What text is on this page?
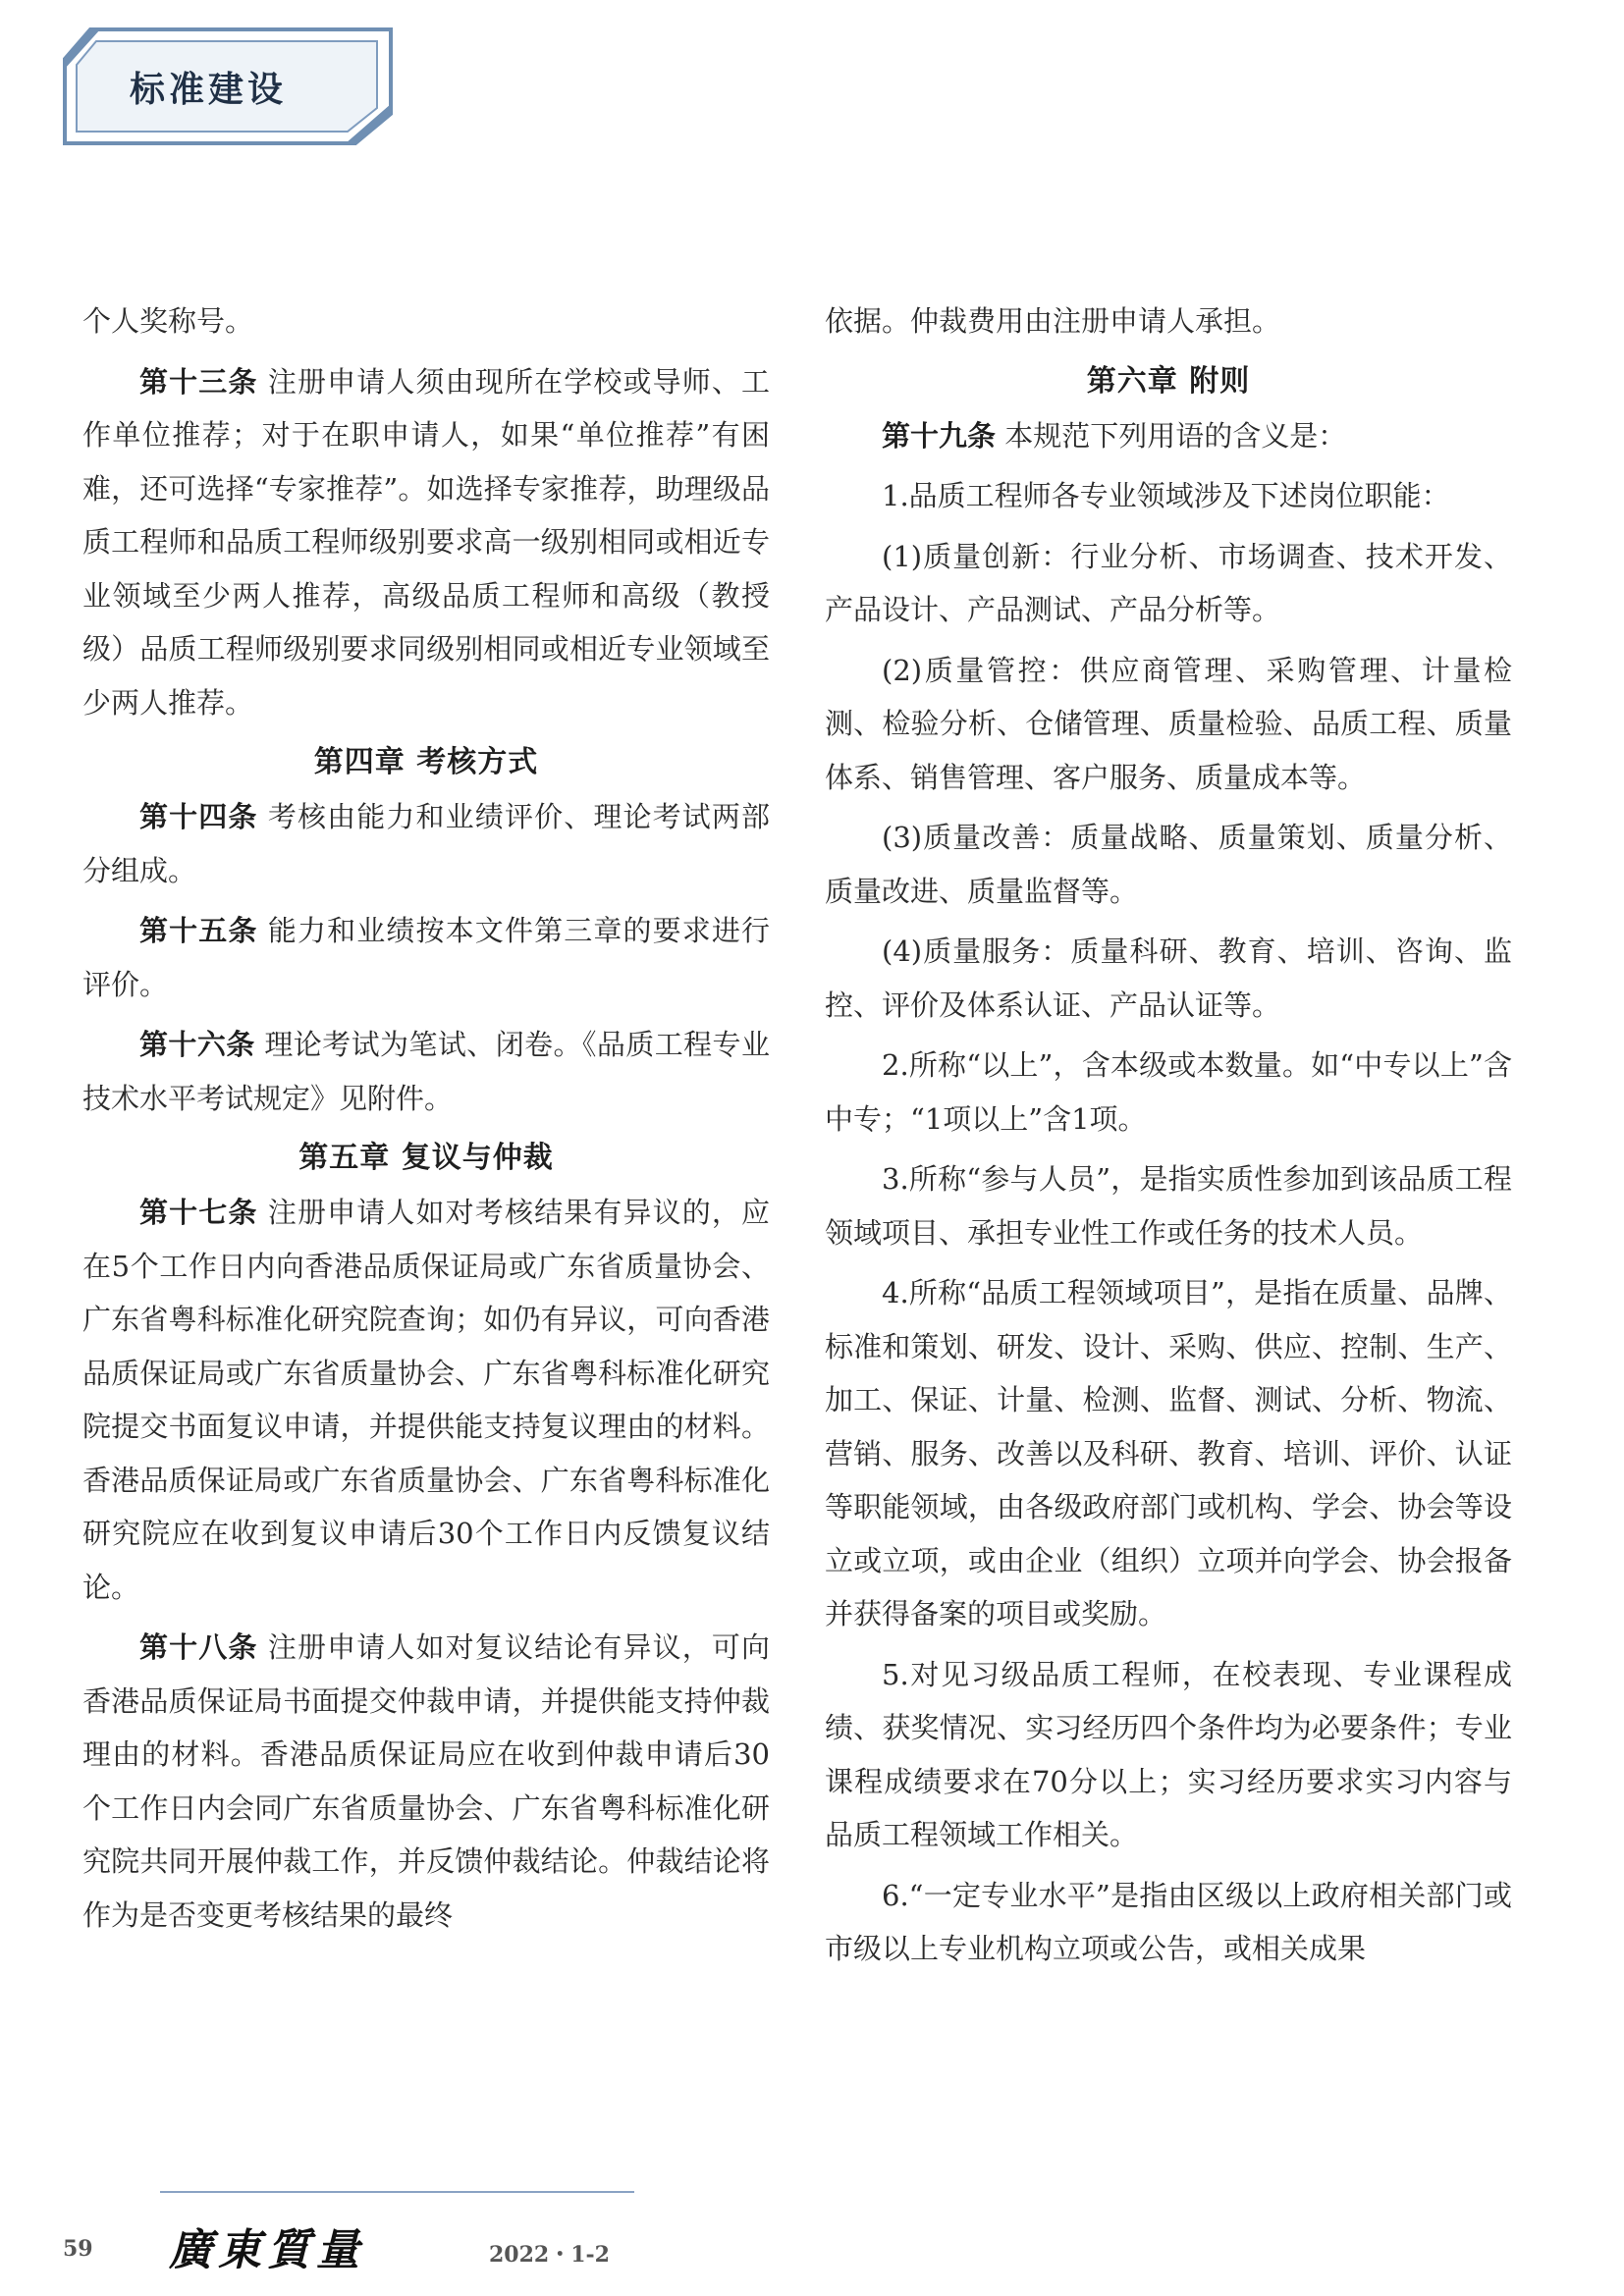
标准建设

个人奖称号。

第十三条 注册申请人须由现所在学校或导师、工作单位推荐；对于在职申请人，如果“单位推荐”有困难，还可选择“专家推荐”。如选择专家推荐，助理级品质工程师和品质工程师级别要求高一级别相同或相近专业领域至少两人推荐，高级品质工程师和高级（教授级）品质工程师级别要求同级别相同或相近专业领域至少两人推荐。

第四章 考核方式

第十四条 考核由能力和业绩评价、理论考试两部分组成。

第十五条 能力和业绩按本文件第三章的要求进行评价。

第十六条 理论考试为笔试、闭卷。《品质工程专业技术水平考试规定》见附件。

第五章 复议与仲裁

第十七条 注册申请人如对考核结果有异议的，应在5个工作日内向香港品质保证局或广东省质量协会、广东省粤科标准化研究院查询；如仍有异议，可向香港品质保证局或广东省质量协会、广东省粤科标准化研究院提交书面复议申请，并提供能支持复议理由的材料。香港品质保证局或广东省质量协会、广东省粤科标准化研究院应在收到复议申请后30个工作日内反馈复议结论。

第十八条 注册申请人如对复议结论有异议，可向香港品质保证局书面提交仲裁申请，并提供能支持仲裁理由的材料。香港品质保证局应在收到仲裁申请后30个工作日内会同广东省质量协会、广东省粤科标准化研究院共同开展仲裁工作，并反馈仲裁结论。仲裁结论将作为是否变更考核结果的最终

依据。仲裁费用由注册申请人承担。

第六章 附则

第十九条 本规范下列用语的含义是：

1.品质工程师各专业领域涉及下述岗位职能：

(1)质量创新：行业分析、市场调查、技术开发、产品设计、产品测试、产品分析等。

(2)质量管控：供应商管理、采购管理、计量检测、检验分析、仓储管理、质量检验、品质工程、质量体系、销售管理、客户服务、质量成本等。

(3)质量改善：质量战略、质量策划、质量分析、质量改进、质量监督等。

(4)质量服务：质量科研、教育、培训、咨询、监控、评价及体系认证、产品认证等。

2.所称“以上”，含本级或本数量。如“中专以上”含中专；“1项以上”含1项。

3.所称“参与人员”，是指实质性参加到该品质工程领域项目、承担专业性工作或任务的技术人员。

4.所称“品质工程领域项目”，是指在质量、品牌、标准和策划、研发、设计、采购、供应、控制、生产、加工、保证、计量、检测、监督、测试、分析、物流、营销、服务、改善以及科研、教育、培训、评价、认证等职能领域，由各级政府部门或机构、学会、协会等设立或立项，或由企业（组织）立项并向学会、协会报备并获得备案的项目或奖励。

5.对见习级品质工程师，在校表现、专业课程成绩、获奖情况、实习经历四个条件均为必要条件；专业课程成绩要求在70分以上；实习经历要求实习内容与品质工程领域工作相关。

6.“一定专业水平”是指由区级以上政府相关部门或市级以上专业机构立项或公告，或相关成果

59 廣東質量	2022・1-2
